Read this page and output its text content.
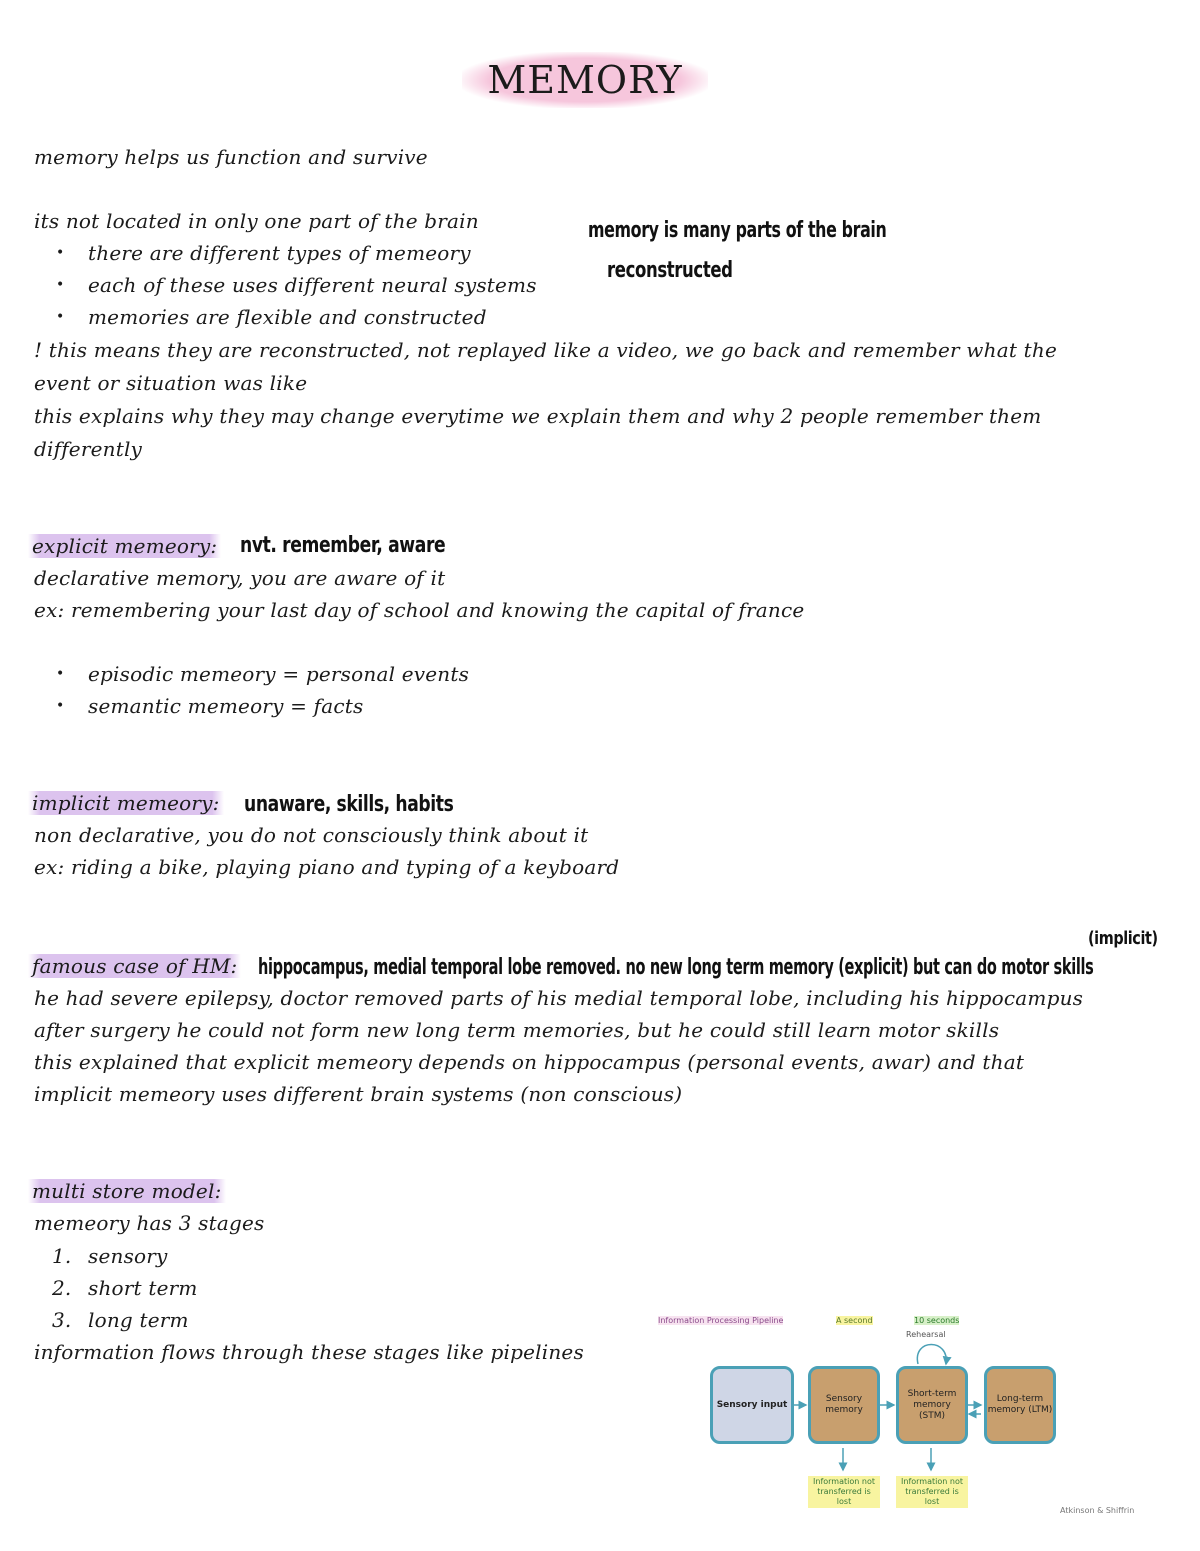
MEMORY
memory helps us function and survive
its not located in only one part of the brain
• there are different types of memeory
• each of these uses different neural systems
• memories are flexible and constructed
! this means they are reconstructed, not replayed like a video, we go back and remember what the
event or situation was like
this explains why they may change everytime we explain them and why 2 people remember them
differently
memory is many parts of the brain
reconstructed
explicit memeory: nvt. remember, aware
declarative memory, you are aware of it
ex: remembering your last day of school and knowing the capital of france
• episodic memeory = personal events
• semantic memeory = facts
implicit memeory: unaware, skills, habits
non declarative, you do not consciously think about it
ex: riding a bike, playing piano and typing of a keyboard
famous case of HM: hippocampus, medial temporal lobe removed. no new long term memory (explicit) but can do motor skills
(implicit)
he had severe epilepsy, doctor removed parts of his medial temporal lobe, including his hippocampus
after surgery he could not form new long term memories, but he could still learn motor skills
this explained that explicit memeory depends on hippocampus (personal events, awar) and that
implicit memeory uses different brain systems (non conscious)
multi store model:
memeory has 3 stages
1. sensory
2. short term
3. long term
information flows through these stages like pipelines
Information Processing Pipeline	A second	10 seconds
Rehearsal
Sensory input
Sensory memory
Short-term memory (STM)
Long-term memory (LTM)
Information not transferred is lost
Information not transferred is lost
Atkinson & Shiffrin
